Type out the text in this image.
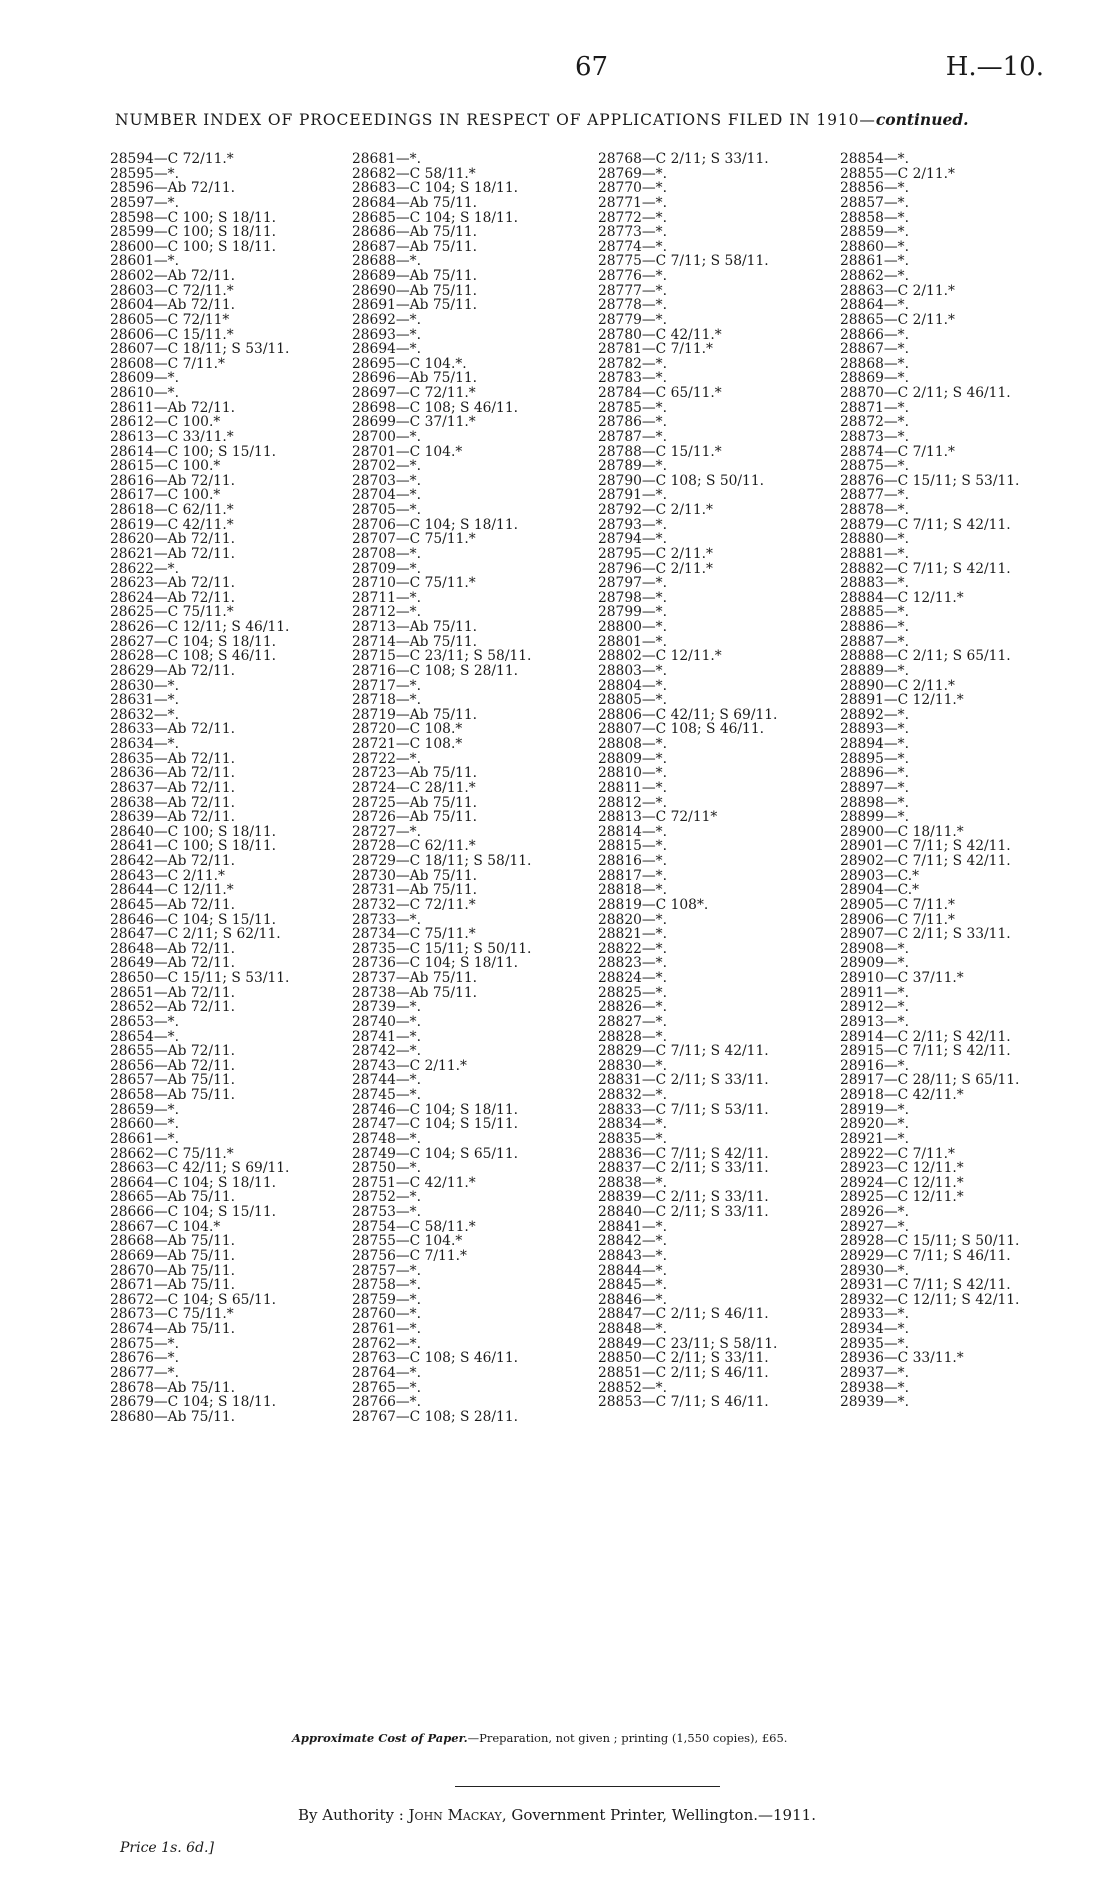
67	H.—10.
NUMBER INDEX OF PROCEEDINGS IN RESPECT OF APPLICATIONS FILED IN 1910—continued.
28594—C 72/11.*
28595—*.
28596—Ab 72/11.
28597—*.
28598—C 100; S 18/11.
28599—C 100; S 18/11.
28600—C 100; S 18/11.
28601—*.
28602—Ab 72/11.
28603—C 72/11.*
28604—Ab 72/11.
28605—C 72/11*
28606—C 15/11.*
28607—C 18/11; S 53/11.
28608—C 7/11.*
28609—*.
28610—*.
28611—Ab 72/11.
28612—C 100.*
28613—C 33/11.*
28614—C 100; S 15/11.
28615—C 100.*
28616—Ab 72/11.
28617—C 100.*
28618—C 62/11.*
28619—C 42/11.*
28620—Ab 72/11.
28621—Ab 72/11.
28622—*.
28623—Ab 72/11.
28624—Ab 72/11.
28625—C 75/11.*
28626—C 12/11; S 46/11.
28627—C 104; S 18/11.
28628—C 108; S 46/11.
28629—Ab 72/11.
28630—*.
28631—*.
28632—*.
28633—Ab 72/11.
28634—*.
28635—Ab 72/11.
28636—Ab 72/11.
28637—Ab 72/11.
28638—Ab 72/11.
28639—Ab 72/11.
28640—C 100; S 18/11.
28641—C 100; S 18/11.
28642—Ab 72/11.
28643—C 2/11.*
28644—C 12/11.*
28645—Ab 72/11.
28646—C 104; S 15/11.
28647—C 2/11; S 62/11.
28648—Ab 72/11.
28649—Ab 72/11.
28650—C 15/11; S 53/11.
28651—Ab 72/11.
28652—Ab 72/11.
28653—*.
28654—*.
28655—Ab 72/11.
28656—Ab 72/11.
28657—Ab 75/11.
28658—Ab 75/11.
28659—*.
28660—*.
28661—*.
28662—C 75/11.*
28663—C 42/11; S 69/11.
28664—C 104; S 18/11.
28665—Ab 75/11.
28666—C 104; S 15/11.
28667—C 104.*
28668—Ab 75/11.
28669—Ab 75/11.
28670—Ab 75/11.
28671—Ab 75/11.
28672—C 104; S 65/11.
28673—C 75/11.*
28674—Ab 75/11.
28675—*.
28676—*.
28677—*.
28678—Ab 75/11.
28679—C 104; S 18/11.
28680—Ab 75/11.
28681—*.
28682—C 58/11.*
28683—C 104; S 18/11.
28684—Ab 75/11.
28685—C 104; S 18/11.
28686—Ab 75/11.
28687—Ab 75/11.
28688—*.
28689—Ab 75/11.
28690—Ab 75/11.
28691—Ab 75/11.
28692—*.
28693—*.
28694—*.
28695—C 104.*.
28696—Ab 75/11.
28697—C 72/11.*
28698—C 108; S 46/11.
28699—C 37/11.*
28700—*.
28701—C 104.*
28702—*.
28703—*.
28704—*.
28705—*.
28706—C 104; S 18/11.
28707—C 75/11.*
28708—*.
28709—*.
28710—C 75/11.*
28711—*.
28712—*.
28713—Ab 75/11.
28714—Ab 75/11.
28715—C 23/11; S 58/11.
28716—C 108; S 28/11.
28717—*.
28718—*.
28719—Ab 75/11.
28720—C 108.*
28721—C 108.*
28722—*.
28723—Ab 75/11.
28724—C 28/11.*
28725—Ab 75/11.
28726—Ab 75/11.
28727—*.
28728—C 62/11.*
28729—C 18/11; S 58/11.
28730—Ab 75/11.
28731—Ab 75/11.
28732—C 72/11.*
28733—*.
28734—C 75/11.*
28735—C 15/11; S 50/11.
28736—C 104; S 18/11.
28737—Ab 75/11.
28738—Ab 75/11.
28739—*.
28740—*.
28741—*.
28742—*.
28743—C 2/11.*
28744—*.
28745—*.
28746—C 104; S 18/11.
28747—C 104; S 15/11.
28748—*.
28749—C 104; S 65/11.
28750—*.
28751—C 42/11.*
28752—*.
28753—*.
28754—C 58/11.*
28755—C 104.*
28756—C 7/11.*
28757—*.
28758—*.
28759—*.
28760—*.
28761—*.
28762—*.
28763—C 108; S 46/11.
28764—*.
28765—*.
28766—*.
28767—C 108; S 28/11.
28768—C 2/11; S 33/11.
28769—*.
28770—*.
28771—*.
28772—*.
28773—*.
28774—*.
28775—C 7/11; S 58/11.
28776—*.
28777—*.
28778—*.
28779—*.
28780—C 42/11.*
28781—C 7/11.*
28782—*.
28783—*.
28784—C 65/11.*
28785—*.
28786—*.
28787—*.
28788—C 15/11.*
28789—*.
28790—C 108; S 50/11.
28791—*.
28792—C 2/11.*
28793—*.
28794—*.
28795—C 2/11.*
28796—C 2/11.*
28797—*.
28798—*.
28799—*.
28800—*.
28801—*.
28802—C 12/11.*
28803—*.
28804—*.
28805—*.
28806—C 42/11; S 69/11.
28807—C 108; S 46/11.
28808—*.
28809—*.
28810—*.
28811—*.
28812—*.
28813—C 72/11*
28814—*.
28815—*.
28816—*.
28817—*.
28818—*.
28819—C 108*.
28820—*.
28821—*.
28822—*.
28823—*.
28824—*.
28825—*.
28826—*.
28827—*.
28828—*.
28829—C 7/11; S 42/11.
28830—*.
28831—C 2/11; S 33/11.
28832—*.
28833—C 7/11; S 53/11.
28834—*.
28835—*.
28836—C 7/11; S 42/11.
28837—C 2/11; S 33/11.
28838—*.
28839—C 2/11; S 33/11.
28840—C 2/11; S 33/11.
28841—*.
28842—*.
28843—*.
28844—*.
28845—*.
28846—*.
28847—C 2/11; S 46/11.
28848—*.
28849—C 23/11; S 58/11.
28850—C 2/11; S 33/11.
28851—C 2/11; S 46/11.
28852—*.
28853—C 7/11; S 46/11.
28854—*.
28855—C 2/11.*
28856—*.
28857—*.
28858—*.
28859—*.
28860—*.
28861—*.
28862—*.
28863—C 2/11.*
28864—*.
28865—C 2/11.*
28866—*.
28867—*.
28868—*.
28869—*.
28870—C 2/11; S 46/11.
28871—*.
28872—*.
28873—*.
28874—C 7/11.*
28875—*.
28876—C 15/11; S 53/11.
28877—*.
28878—*.
28879—C 7/11; S 42/11.
28880—*.
28881—*.
28882—C 7/11; S 42/11.
28883—*.
28884—C 12/11.*
28885—*.
28886—*.
28887—*.
28888—C 2/11; S 65/11.
28889—*.
28890—C 2/11.*
28891—C 12/11.*
28892—*.
28893—*.
28894—*.
28895—*.
28896—*.
28897—*.
28898—*.
28899—*.
28900—C 18/11.*
28901—C 7/11; S 42/11.
28902—C 7/11; S 42/11.
28903—C.*
28904—C.*
28905—C 7/11.*
28906—C 7/11.*
28907—C 2/11; S 33/11.
28908—*.
28909—*.
28910—C 37/11.*
28911—*.
28912—*.
28913—*.
28914—C 2/11; S 42/11.
28915—C 7/11; S 42/11.
28916—*.
28917—C 28/11; S 65/11.
28918—C 42/11.*
28919—*.
28920—*.
28921—*.
28922—C 7/11.*
28923—C 12/11.*
28924—C 12/11.*
28925—C 12/11.*
28926—*.
28927—*.
28928—C 15/11; S 50/11.
28929—C 7/11; S 46/11.
28930—*.
28931—C 7/11; S 42/11.
28932—C 12/11; S 42/11.
28933—*.
28934—*.
28935—*.
28936—C 33/11.*
28937—*.
28938—*.
28939—*.
Approximate Cost of Paper.—Preparation, not given ; printing (1,550 copies), £65.
By Authority : John Mackay, Government Printer, Wellington.—1911.
Price 1s. 6d.]
